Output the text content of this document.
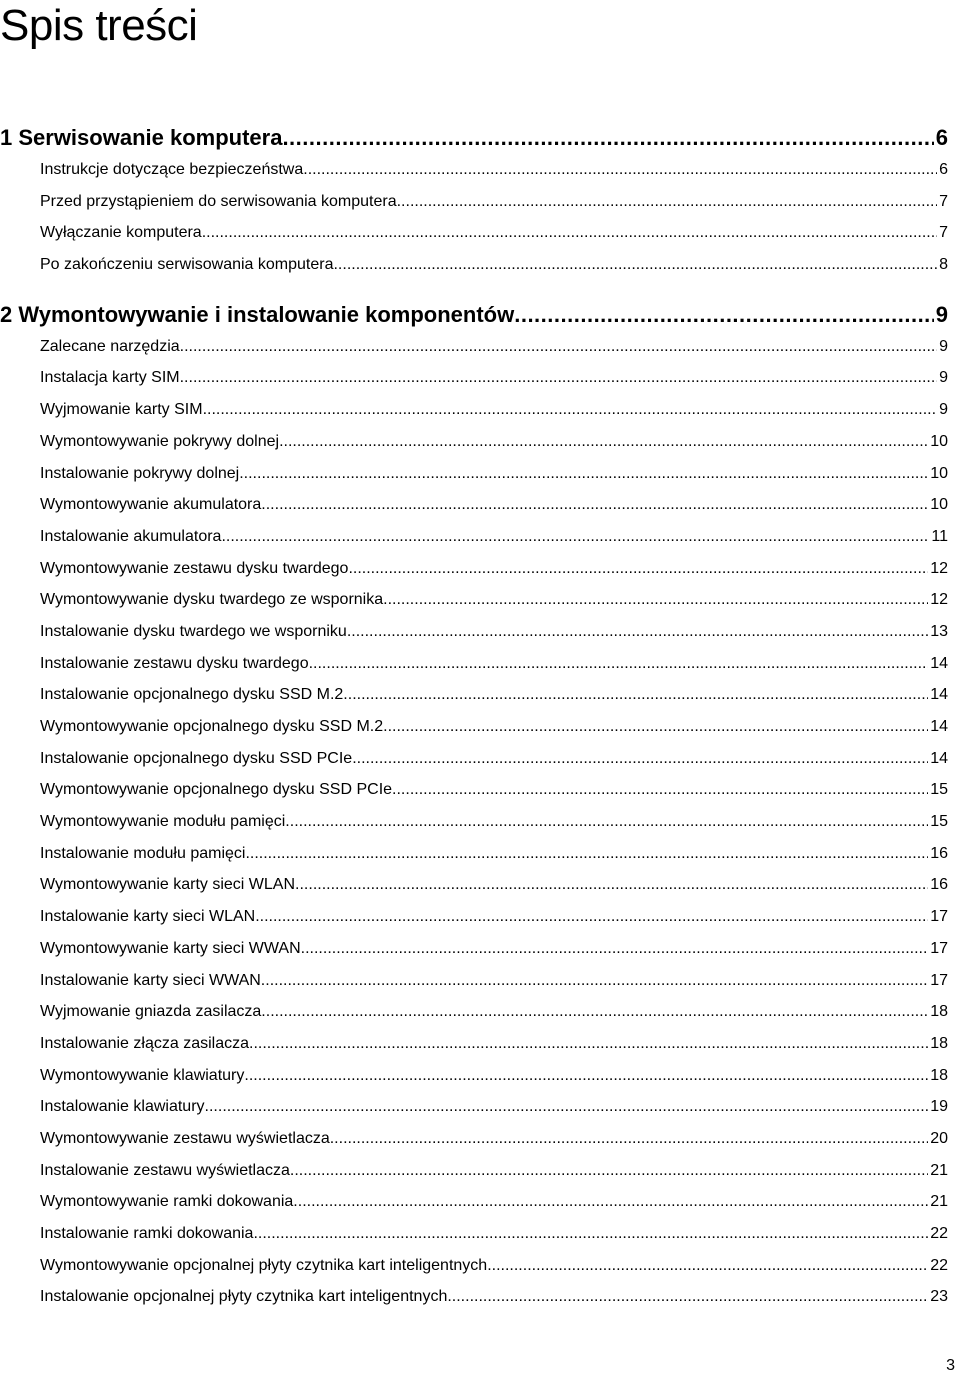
Spis treści
1 Serwisowanie komputera .....	6
Instrukcje dotyczące bezpieczeństwa .....	6
Przed przystąpieniem do serwisowania komputera .....	7
Wyłączanie komputera .....	7
Po zakończeniu serwisowania komputera .....	8
2 Wymontowywanie i instalowanie komponentów .....	9
Zalecane narzędzia .....	9
Instalacja karty SIM .....	9
Wyjmowanie karty SIM .....	9
Wymontowywanie pokrywy dolnej .....	10
Instalowanie pokrywy dolnej .....	10
Wymontowywanie akumulatora .....	10
Instalowanie akumulatora .....	11
Wymontowywanie zestawu dysku twardego .....	12
Wymontowywanie dysku twardego ze wspornika .....	12
Instalowanie dysku twardego we wsporniku .....	13
Instalowanie zestawu dysku twardego .....	14
Instalowanie opcjonalnego dysku SSD M.2 .....	14
Wymontowywanie opcjonalnego dysku SSD M.2 .....	14
Instalowanie opcjonalnego dysku SSD PCIe .....	14
Wymontowywanie opcjonalnego dysku SSD PCIe .....	15
Wymontowywanie modułu pamięci .....	15
Instalowanie modułu pamięci .....	16
Wymontowywanie karty sieci WLAN .....	16
Instalowanie karty sieci WLAN .....	17
Wymontowywanie karty sieci WWAN .....	17
Instalowanie karty sieci WWAN .....	17
Wyjmowanie gniazda zasilacza .....	18
Instalowanie złącza zasilacza .....	18
Wymontowywanie klawiatury .....	18
Instalowanie klawiatury .....	19
Wymontowywanie zestawu wyświetlacza .....	20
Instalowanie zestawu wyświetlacza .....	21
Wymontowywanie ramki dokowania .....	21
Instalowanie ramki dokowania .....	22
Wymontowywanie opcjonalnej płyty czytnika kart inteligentnych .....	22
Instalowanie opcjonalnej płyty czytnika kart inteligentnych .....	23
3
